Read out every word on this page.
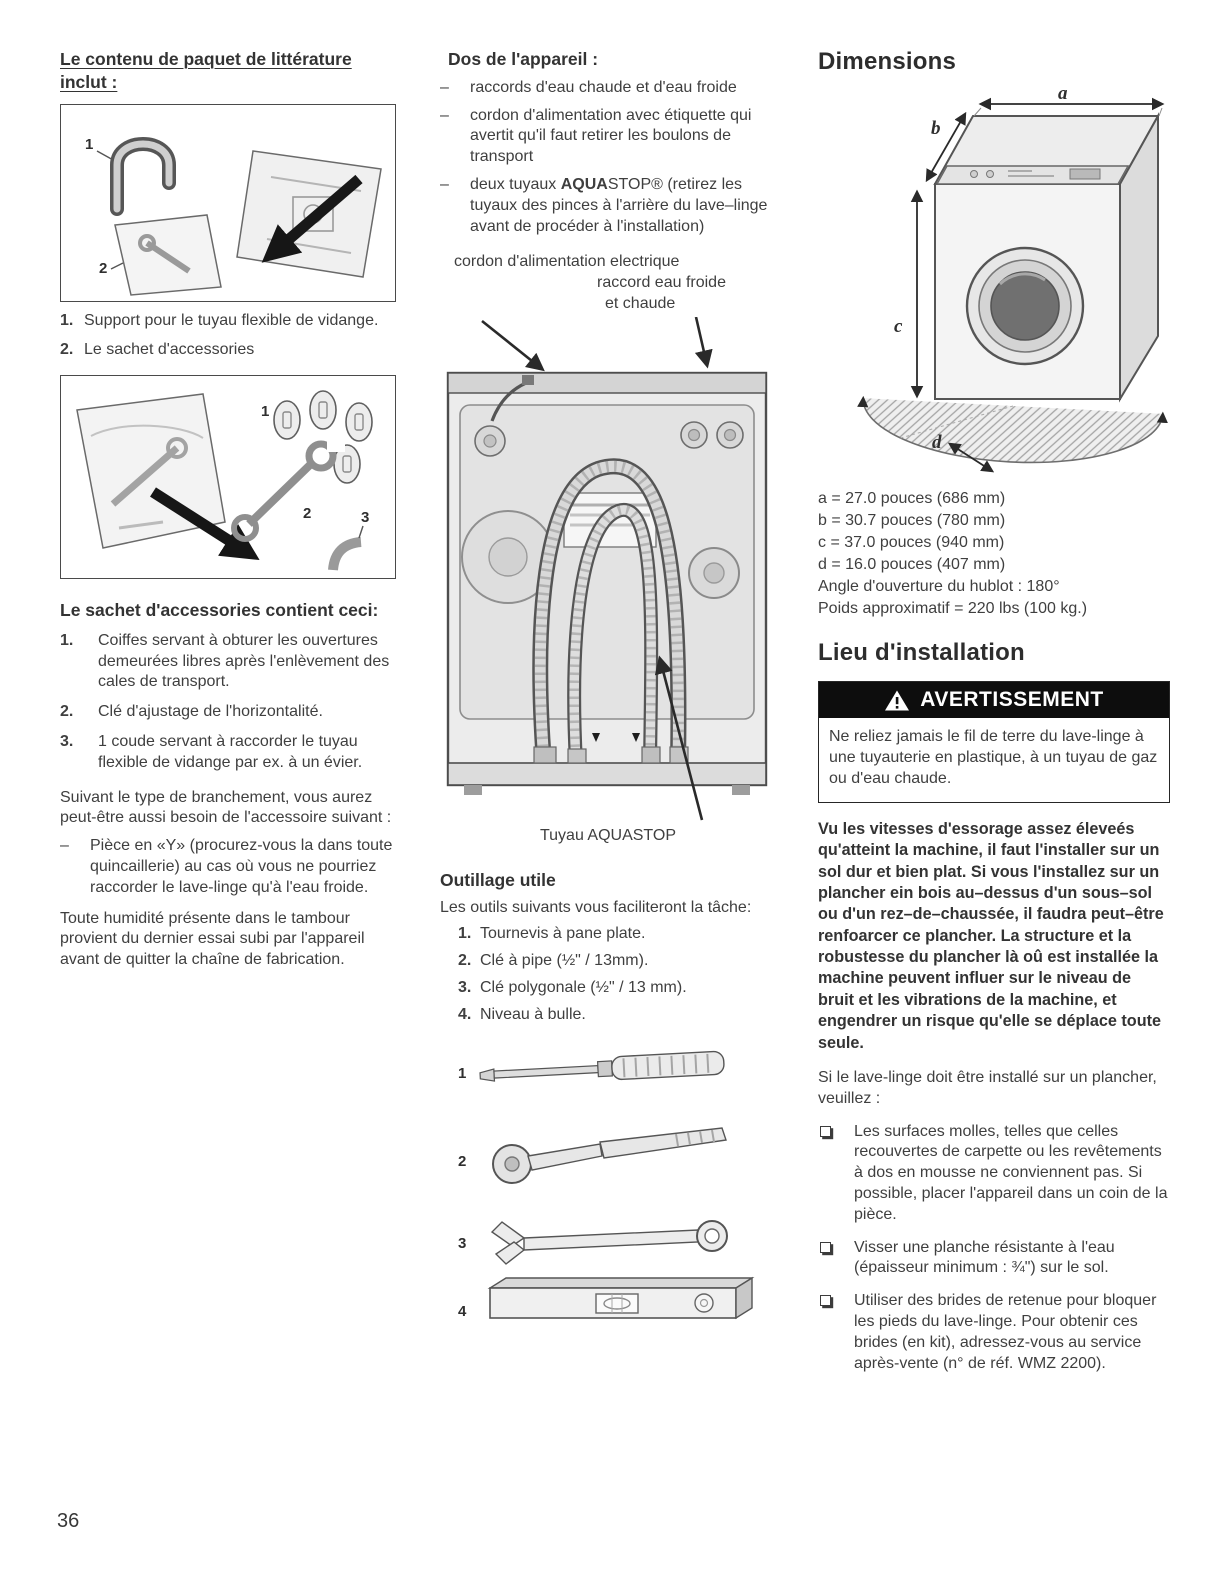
Le contenu de paquet de littérature inclut :
1
2
1. Support pour le tuyau flexible de vidange.
2. Le sachet d'accessories
1
2	3
Le sachet d'accessories contient ceci:
1.	Coiffes servant à obturer les ouvertures demeurées libres après l'enlèvement des cales de transport.
2.	Clé d'ajustage de l'horizontalité.
3.	1 coude servant à raccorder le tuyau flexible de vidange par ex. à un évier.

Suivant le type de branchement, vous aurez peut-être aussi besoin de l'accessoire suivant :

–	Pièce en «Y» (procurez-vous la dans toute quincaillerie) au cas où vous ne pourriez raccorder le lave-linge qu'à l'eau froide.

Toute humidité présente dans le tambour provient du dernier essai subi par l'appareil avant de quitter la chaîne de fabrication.

Dos de l'appareil :
–	raccords d'eau chaude et d'eau froide
–	cordon d'alimentation avec étiquette qui avertit qu'il faut retirer les boulons de transport
–	deux tuyaux AQUASTOP® (retirez les tuyaux des pinces à l'arrière du lave–linge avant de procéder à l'installation)
cordon d'alimentation electrique
raccord eau froide
et chaude
Tuyau AQUASTOP
Outillage utile

Les outils suivants vous faciliteront la tâche:

1. Tournevis à pane plate.
2. Clé à pipe (½" / 13mm).
3. Clé polygonale (½" / 13 mm).
4. Niveau à bulle.
1
2
3
4
Dimensions
a
b
c
d
a = 27.0 pouces (686 mm)
b = 30.7 pouces (780 mm)
c = 37.0 pouces (940 mm)
d = 16.0 pouces (407 mm)
Angle d'ouverture du hublot : 180°
Poids approximatif = 220 lbs (100 kg.)
Lieu d'installation
AVERTISSEMENT
Ne reliez jamais le fil de terre du lave-linge à une tuyauterie en plastique, à un tuyau de gaz ou d'eau chaude.

Vu les vitesses d'essorage assez éleveés qu'atteint la machine, il faut l'installer sur un sol dur et bien plat. Si vous l'installez sur un plancher ein bois au–dessus d'un sous–sol ou d'un rez–de–chaussée, il faudra peut–être renfoarcer ce plancher. La structure et la robustesse du plancher là oû est installée la machine peuvent influer sur le niveau de bruit et les vibrations de la machine, et engendrer un risque qu'elle se déplace toute seule.

Si le lave-linge doit être installé sur un plancher, veuillez :

Les surfaces molles, telles que celles recouvertes de carpette ou les revêtements à dos en mousse ne conviennent pas. Si possible, placer l'appareil dans un coin de la pièce.
Visser une planche résistante à l'eau (épaisseur minimum : ¾") sur le sol.
Utiliser des brides de retenue pour bloquer les pieds du lave-linge. Pour obtenir ces brides (en kit), adressez-vous au service après-vente (n° de réf. WMZ 2200).
36
